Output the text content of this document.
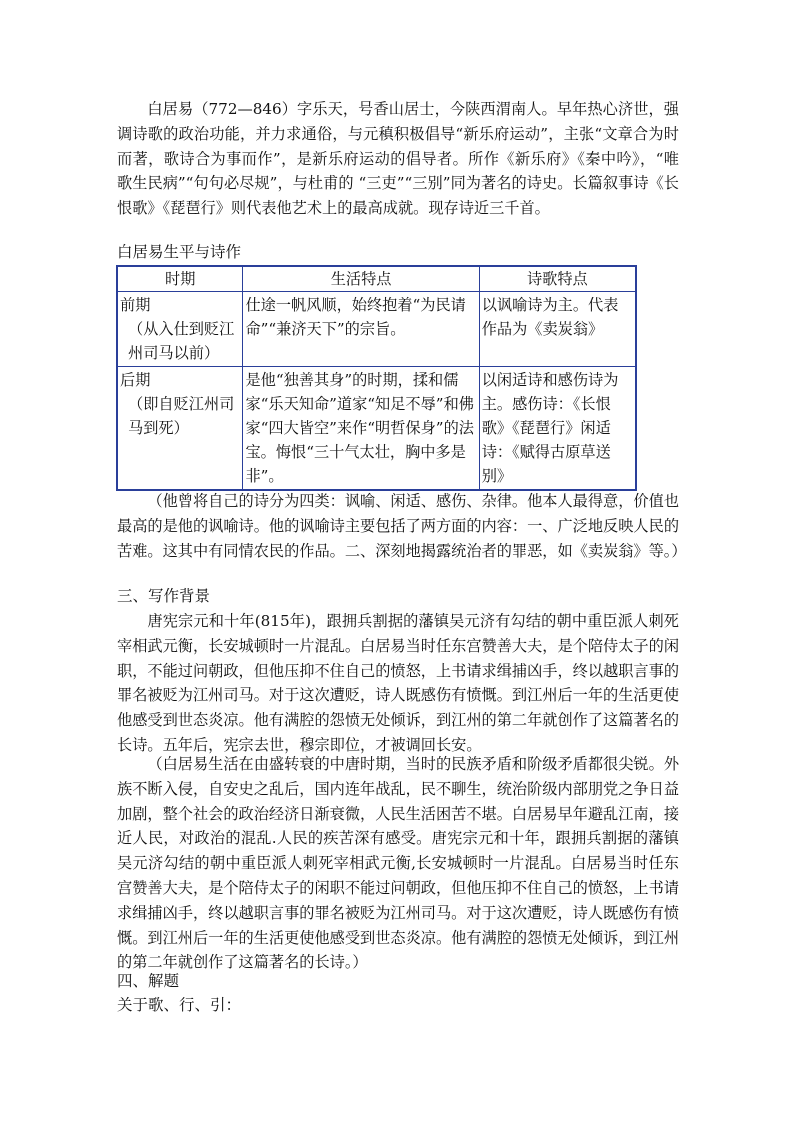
白居易（772—846）字乐天，号香山居士，今陕西渭南人。早年热心济世，强调诗歌的政治功能，并力求通俗，与元稹积极倡导“新乐府运动”，主张“文章合为时而著，歌诗合为事而作”，是新乐府运动的倡导者。所作《新乐府》《秦中吟》，“唯歌生民病”“句句必尽规”，与杜甫的 “三吏”“三别”同为著名的诗史。长篇叙事诗《长恨歌》《琵琶行》则代表他艺术上的最高成就。现存诗近三千首。

白居易生平与诗作
时期	生活特点	诗歌特点

前期
（从入仕到贬江州司马以前）	仕途一帆风顺，始终抱着“为民请命”“兼济天下”的宗旨。	以讽喻诗为主。代表作品为《卖炭翁》

后期
（即自贬江州司马到死）	是他“独善其身”的时期，揉和儒家“乐天知命”道家“知足不辱”和佛家“四大皆空”来作“明哲保身”的法宝。悔恨“三十气太壮，胸中多是非”。	以闲适诗和感伤诗为主。感伤诗：《长恨歌》《琵琶行》闲适诗：《赋得古原草送别》

（他曾将自己的诗分为四类：讽喻、闲适、感伤、杂律。他本人最得意，价值也最高的是他的讽喻诗。他的讽喻诗主要包括了两方面的内容：一、广泛地反映人民的苦难。这其中有同情农民的作品。二、深刻地揭露统治者的罪恶，如《卖炭翁》等。）

三、写作背景

唐宪宗元和十年(815年)，跟拥兵割据的藩镇吴元济有勾结的朝中重臣派人刺死宰相武元衡，长安城顿时一片混乱。白居易当时任东宫赞善大夫，是个陪侍太子的闲职，不能过问朝政，但他压抑不住自己的愤怒，上书请求缉捕凶手，终以越职言事的罪名被贬为江州司马。对于这次遭贬，诗人既感伤有愤慨。到江州后一年的生活更使他感受到世态炎凉。他有满腔的怨愤无处倾诉，到江州的第二年就创作了这篇著名的长诗。五年后，宪宗去世，穆宗即位，才被调回长安。

（白居易生活在由盛转衰的中唐时期，当时的民族矛盾和阶级矛盾都很尖锐。外族不断入侵，自安史之乱后，国内连年战乱，民不聊生，统治阶级内部朋党之争日益加剧，整个社会的政治经济日渐衰微，人民生活困苦不堪。白居易早年避乱江南，接近人民，对政治的混乱.人民的疾苦深有感受。唐宪宗元和十年，跟拥兵割据的藩镇吴元济勾结的朝中重臣派人刺死宰相武元衡,长安城顿时一片混乱。白居易当时任东宫赞善大夫，是个陪侍太子的闲职不能过问朝政，但他压抑不住自己的愤怒，上书请求缉捕凶手，终以越职言事的罪名被贬为江州司马。对于这次遭贬，诗人既感伤有愤慨。到江州后一年的生活更使他感受到世态炎凉。他有满腔的怨愤无处倾诉，到江州的第二年就创作了这篇著名的长诗。）

四、解题
关于歌、行、引：
